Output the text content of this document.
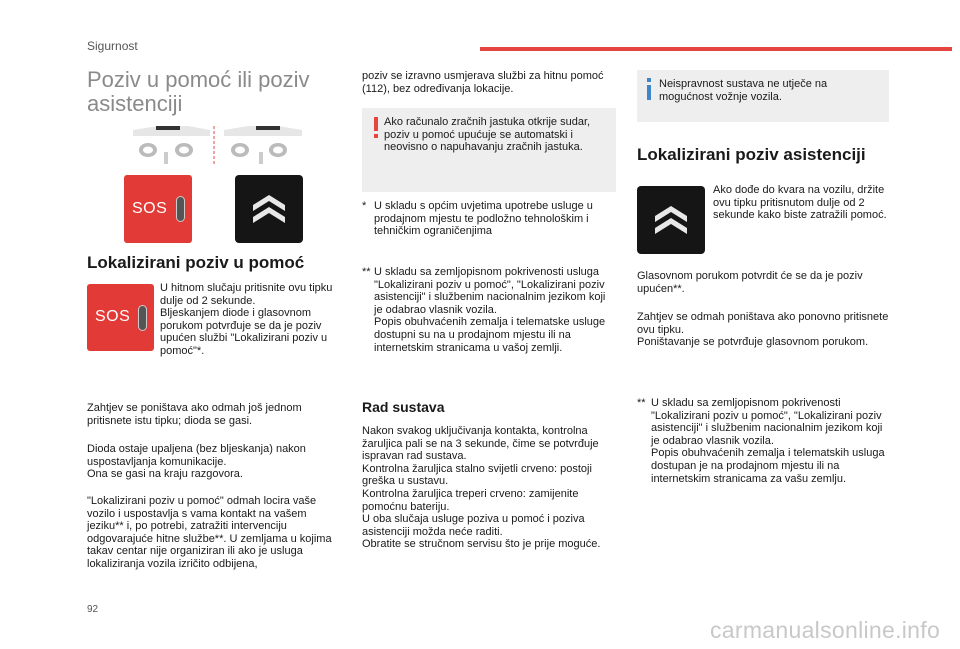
Sigurnost
Poziv u pomoć ili poziv asistenciji
SOS
Lokalizirani poziv u pomoć
SOS
U hitnom slučaju pritisnite ovu tipku dulje od 2 sekunde.
Bljeskanjem diode i glasovnom porukom potvrđuje se da je poziv upućen službi "Lokalizirani poziv u pomoć"*.
Zahtjev se poništava ako odmah još jednom pritisnete istu tipku; dioda se gasi.
Dioda ostaje upaljena (bez bljeskanja) nakon uspostavljanja komunikacije.
Ona se gasi na kraju razgovora.
"Lokalizirani poziv u pomoć" odmah locira vaše vozilo i uspostavlja s vama kontakt na vašem jeziku** i, po potrebi, zatražiti intervenciju odgovarajuće hitne službe**. U zemljama u kojima takav centar nije organiziran ili ako je usluga lokaliziranja vozila izričito odbijena,
poziv se izravno usmjerava službi za hitnu pomoć (112), bez određivanja lokacije.
Ako računalo zračnih jastuka otkrije sudar, poziv u pomoć upućuje se automatski i neovisno o napuhavanju zračnih jastuka.
* U skladu s općim uvjetima upotrebe usluge u prodajnom mjestu te podložno tehnološkim i tehničkim ograničenjima
** U skladu sa zemljopisnom pokrivenosti usluga "Lokalizirani poziv u pomoć", "Lokalizirani poziv asistenciji" i službenim nacionalnim jezikom koji je odabrao vlasnik vozila.
Popis obuhvaćenih zemalja i telematske usluge dostupni su na u prodajnom mjestu ili na internetskim stranicama u vašoj zemlji.
Rad sustava
Nakon svakog uključivanja kontakta, kontrolna žaruljica pali se na 3 sekunde, čime se potvrđuje ispravan rad sustava.
Kontrolna žaruljica stalno svijetli crveno: postoji greška u sustavu.
Kontrolna žaruljica treperi crveno: zamijenite pomoćnu bateriju.
U oba slučaja usluge poziva u pomoć i poziva asistenciji možda neće raditi.
Obratite se stručnom servisu što je prije moguće.
Neispravnost sustava ne utječe na mogućnost vožnje vozila.
Lokalizirani poziv asistenciji
Ako dođe do kvara na vozilu, držite ovu tipku pritisnutom dulje od 2 sekunde kako biste zatražili pomoć.
Glasovnom porukom potvrdit će se da je poziv upućen**.
Zahtjev se odmah poništava ako ponovno pritisnete ovu tipku.
Poništavanje se potvrđuje glasovnom porukom.
** U skladu sa zemljopisnom pokrivenosti "Lokalizirani poziv u pomoć", "Lokalizirani poziv asistenciji" i službenim nacionalnim jezikom koji je odabrao vlasnik vozila.
Popis obuhvaćenih zemalja i telematskih usluga dostupan je na prodajnom mjestu ili na internetskim stranicama za vašu zemlju.
92
carmanualsonline.info
